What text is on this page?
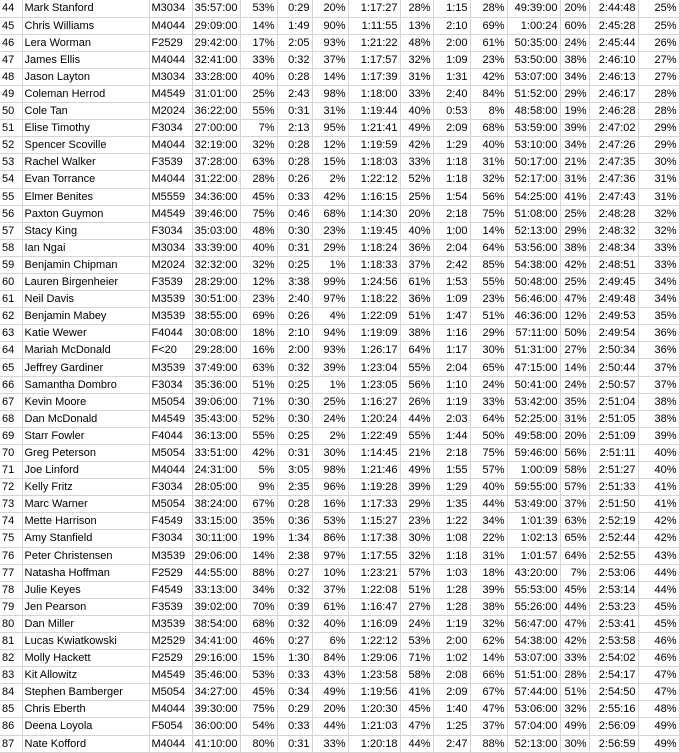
44	Mark Stanford	M3034	35:57:00	53%	0:29	20%	1:17:27	28%	1:15	28%	49:39:00	20%	2:44:48	25%
45	Chris Williams	M4044	29:09:00	14%	1:49	90%	1:11:55	13%	2:10	69%	1:00:24	60%	2:45:28	25%
46	Lera Worman	F2529	29:42:00	17%	2:05	93%	1:21:22	48%	2:00	61%	50:35:00	24%	2:45:44	26%
47	James Ellis	M4044	32:41:00	33%	0:32	37%	1:17:57	32%	1:09	23%	53:50:00	38%	2:46:10	27%
48	Jason Layton	M3034	33:28:00	40%	0:28	14%	1:17:39	31%	1:31	42%	53:07:00	34%	2:46:13	27%
49	Coleman Herrod	M4549	31:01:00	25%	2:43	98%	1:18:00	33%	2:40	84%	51:52:00	29%	2:46:17	28%
50	Cole Tan	M2024	36:22:00	55%	0:31	31%	1:19:44	40%	0:53	8%	48:58:00	19%	2:46:28	28%
51	Elise Timothy	F3034	27:00:00	7%	2:13	95%	1:21:41	49%	2:09	68%	53:59:00	39%	2:47:02	29%
52	Spencer Scoville	M4044	32:19:00	32%	0:28	12%	1:19:59	42%	1:29	40%	53:10:00	34%	2:47:26	29%
53	Rachel Walker	F3539	37:28:00	63%	0:28	15%	1:18:03	33%	1:18	31%	50:17:00	21%	2:47:35	30%
54	Evan Torrance	M4044	31:22:00	28%	0:26	2%	1:22:12	52%	1:18	32%	52:17:00	31%	2:47:36	31%
55	Elmer Benites	M5559	34:36:00	45%	0:33	42%	1:16:15	25%	1:54	56%	54:25:00	41%	2:47:43	31%
56	Paxton Guymon	M4549	39:46:00	75%	0:46	68%	1:14:30	20%	2:18	75%	51:08:00	25%	2:48:28	32%
57	Stacy King	F3034	35:03:00	48%	0:30	23%	1:19:45	40%	1:00	14%	52:13:00	29%	2:48:32	32%
58	Ian Ngai	M3034	33:39:00	40%	0:31	29%	1:18:24	36%	2:04	64%	53:56:00	38%	2:48:34	33%
59	Benjamin Chipman	M2024	32:32:00	32%	0:25	1%	1:18:33	37%	2:42	85%	54:38:00	42%	2:48:51	33%
60	Lauren Birgenheier	F3539	28:29:00	12%	3:38	99%	1:24:56	61%	1:53	55%	50:48:00	25%	2:49:45	34%
61	Neil Davis	M3539	30:51:00	23%	2:40	97%	1:18:22	36%	1:09	23%	56:46:00	47%	2:49:48	34%
62	Benjamin Mabey	M3539	38:55:00	69%	0:26	4%	1:22:09	51%	1:47	51%	46:36:00	12%	2:49:53	35%
63	Katie Wewer	F4044	30:08:00	18%	2:10	94%	1:19:09	38%	1:16	29%	57:11:00	50%	2:49:54	36%
64	Mariah McDonald	F<20	29:28:00	16%	2:00	93%	1:26:17	64%	1:17	30%	51:31:00	27%	2:50:34	36%
65	Jeffrey Gardiner	M3539	37:49:00	63%	0:32	39%	1:23:04	55%	2:04	65%	47:15:00	14%	2:50:44	37%
66	Samantha Dombro	F3034	35:36:00	51%	0:25	1%	1:23:05	56%	1:10	24%	50:41:00	24%	2:50:57	37%
67	Kevin Moore	M5054	39:06:00	71%	0:30	25%	1:16:27	26%	1:19	33%	53:42:00	35%	2:51:04	38%
68	Dan McDonald	M4549	35:43:00	52%	0:30	24%	1:20:24	44%	2:03	64%	52:25:00	31%	2:51:05	38%
69	Starr Fowler	F4044	36:13:00	55%	0:25	2%	1:22:49	55%	1:44	50%	49:58:00	20%	2:51:09	39%
70	Greg Peterson	M5054	33:51:00	42%	0:31	30%	1:14:45	21%	2:18	75%	59:46:00	56%	2:51:11	40%
71	Joe Linford	M4044	24:31:00	5%	3:05	98%	1:21:46	49%	1:55	57%	1:00:09	58%	2:51:27	40%
72	Kelly Fritz	F3034	28:05:00	9%	2:35	96%	1:19:28	39%	1:29	40%	59:55:00	57%	2:51:33	41%
73	Marc Warner	M5054	38:24:00	67%	0:28	16%	1:17:33	29%	1:35	44%	53:49:00	37%	2:51:50	41%
74	Mette Harrison	F4549	33:15:00	35%	0:36	53%	1:15:27	23%	1:22	34%	1:01:39	63%	2:52:19	42%
75	Amy Stanfield	F3034	30:11:00	19%	1:34	86%	1:17:38	30%	1:08	22%	1:02:13	65%	2:52:44	42%
76	Peter Christensen	M3539	29:06:00	14%	2:38	97%	1:17:55	32%	1:18	31%	1:01:57	64%	2:52:55	43%
77	Natasha Hoffman	F2529	44:55:00	88%	0:27	10%	1:23:21	57%	1:03	18%	43:20:00	7%	2:53:06	44%
78	Julie Keyes	F4549	33:13:00	34%	0:32	37%	1:22:08	51%	1:28	39%	55:53:00	45%	2:53:14	44%
79	Jen Pearson	F3539	39:02:00	70%	0:39	61%	1:16:47	27%	1:28	38%	55:26:00	44%	2:53:23	45%
80	Dan Miller	M3539	38:54:00	68%	0:32	40%	1:16:09	24%	1:19	32%	56:47:00	47%	2:53:41	45%
81	Lucas Kwiatkowski	M2529	34:41:00	46%	0:27	6%	1:22:12	53%	2:00	62%	54:38:00	42%	2:53:58	46%
82	Molly Hackett	F2529	29:16:00	15%	1:30	84%	1:29:06	71%	1:02	14%	53:07:00	33%	2:54:02	46%
83	Kit Allowitz	M4549	35:46:00	53%	0:33	43%	1:23:58	58%	2:08	66%	51:51:00	28%	2:54:17	47%
84	Stephen Bamberger	M5054	34:27:00	45%	0:34	49%	1:19:56	41%	2:09	67%	57:44:00	51%	2:54:50	47%
85	Chris Eberth	M4044	39:30:00	75%	0:29	20%	1:20:30	45%	1:40	47%	53:06:00	32%	2:55:16	48%
86	Deena Loyola	F5054	36:00:00	54%	0:33	44%	1:21:03	47%	1:25	37%	57:04:00	49%	2:56:09	49%
87	Nate Kofford	M4044	41:10:00	80%	0:31	33%	1:20:18	44%	2:47	88%	52:13:00	30%	2:56:59	49%
